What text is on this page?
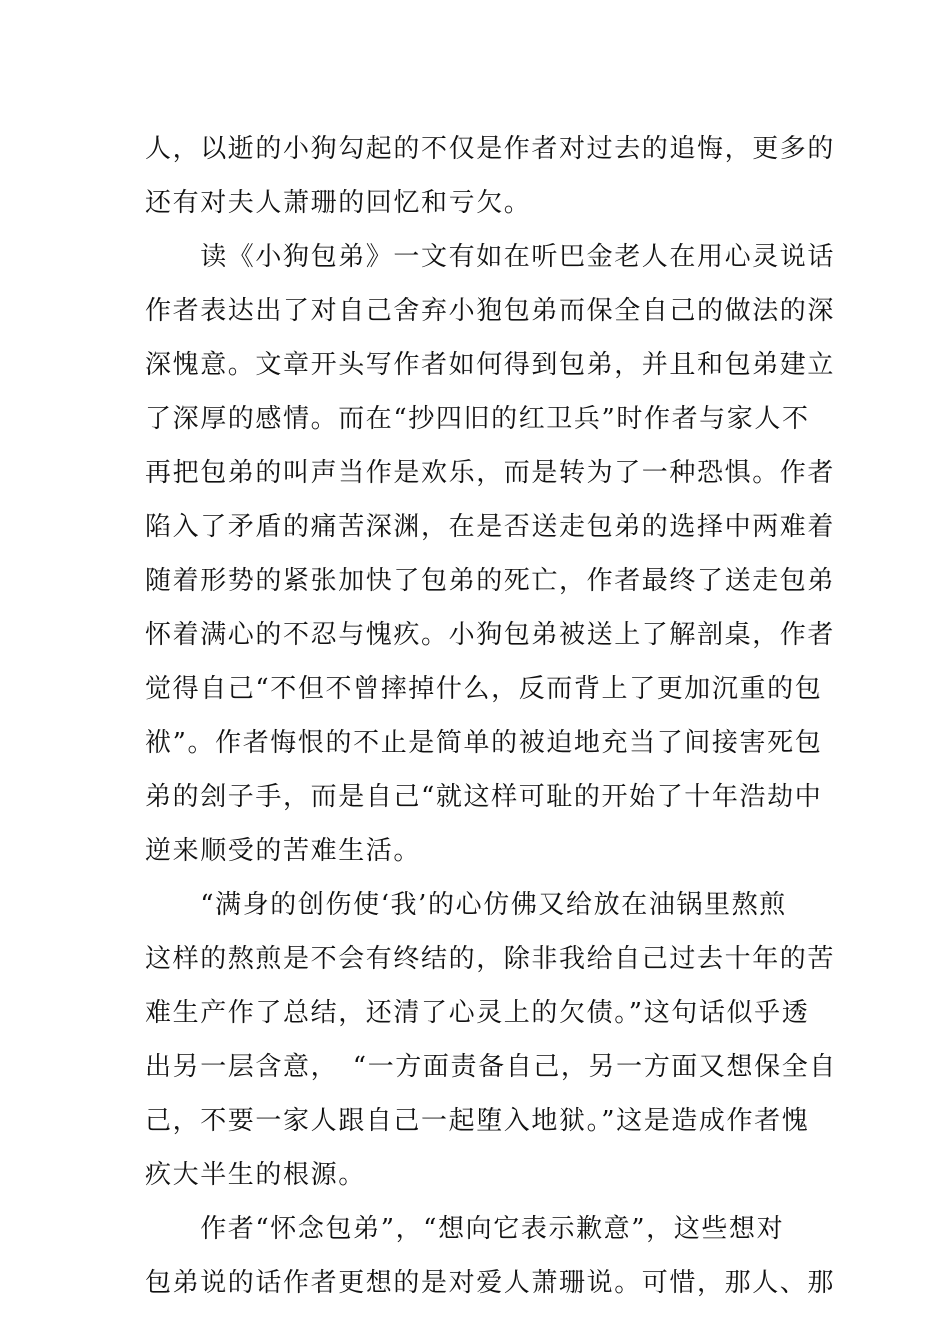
人，以逝的小狗勾起的不仅是作者对过去的追悔，更多的
还有对夫人萧珊的回忆和亏欠。
　　读《小狗包弟》一文有如在听巴金老人在用心灵说话
作者表达出了对自己舍弃小狍包弟而保全自己的做法的深
深愧意。文章开头写作者如何得到包弟，并且和包弟建立
了深厚的感情。而在“抄四旧的红卫兵”时作者与家人不
再把包弟的叫声当作是欢乐，而是转为了一种恐惧。作者
陷入了矛盾的痛苦深渊，在是否送走包弟的选择中两难着
随着形势的紧张加快了包弟的死亡，作者最终了送走包弟
怀着满心的不忍与愧疚。小狗包弟被送上了解剖桌，作者
觉得自己“不但不曾摔掉什么，反而背上了更加沉重的包
袱”。作者悔恨的不止是简单的被迫地充当了间接害死包
弟的刽子手，而是自己“就这样可耻的开始了十年浩劫中
逆来顺受的苦难生活。
　　“满身的创伤使‘我’的心仿佛又给放在油锅里熬煎
这样的熬煎是不会有终结的，除非我给自己过去十年的苦
难生产作了总结，还清了心灵上的欠债。”这句话似乎透
出另一层含意，　“一方面责备自己，另一方面又想保全自
己，不要一家人跟自己一起堕入地狱。”这是造成作者愧
疚大半生的根源。
　　作者“怀念包弟”，“想向它表示歉意”，这些想对
包弟说的话作者更想的是对爱人萧珊说。可惜，那人、那
